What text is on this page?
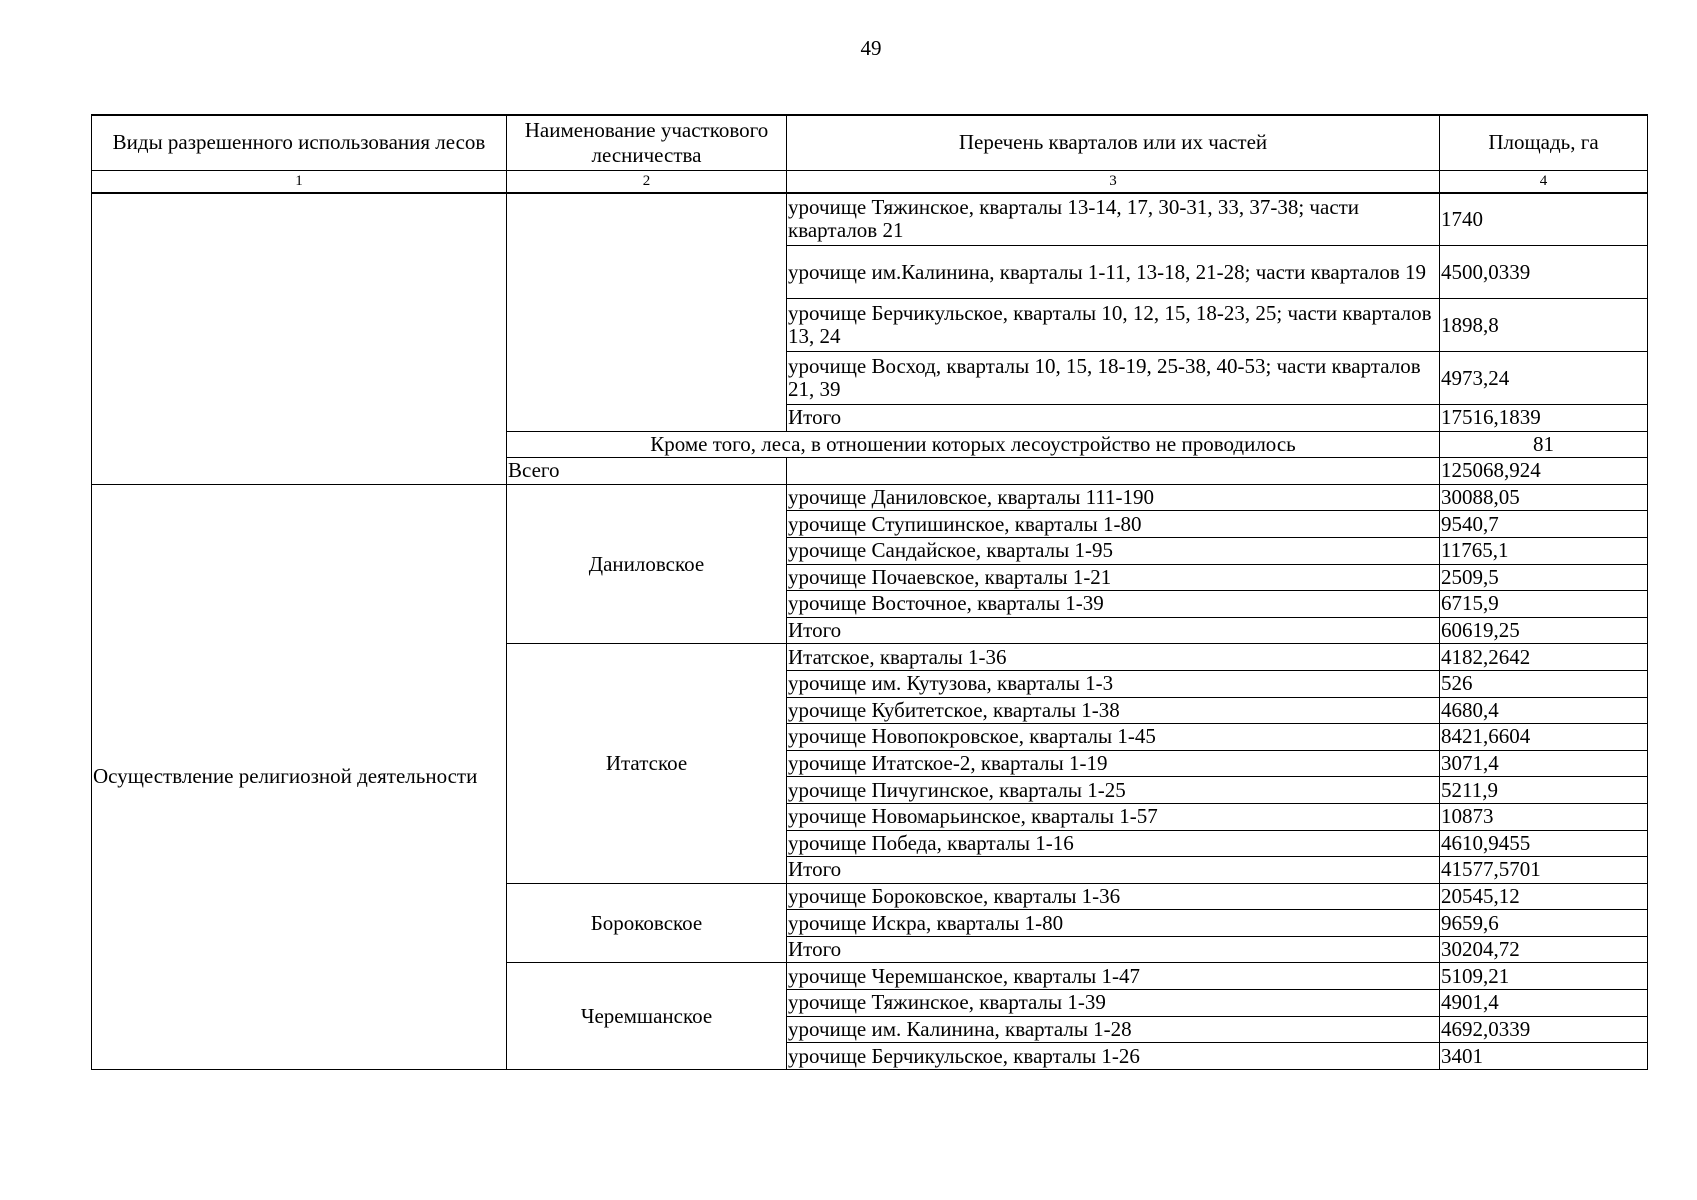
49
Виды разрешенного использования лесов	Наименование участкового лесничества	Перечень кварталов или их частей	Площадь, га
1	2	3	4
		урочище Тяжинское, кварталы 13-14, 17, 30-31, 33, 37-38; части кварталов 21	1740
		урочище им.Калинина, кварталы 1-11, 13-18, 21-28; части кварталов 19	4500,0339
		урочище Берчикульское, кварталы 10, 12, 15, 18-23, 25; части кварталов 13, 24	1898,8
		урочище Восход, кварталы 10, 15, 18-19, 25-38, 40-53; части кварталов 21, 39	4973,24
		Итого	17516,1839
	Кроме того, леса, в отношении которых лесоустройство не проводилось		81
	Всего		125068,924
Осуществление религиозной деятельности	Даниловское	урочище Даниловское, кварталы 111-190	30088,05
		урочище Ступишинское, кварталы 1-80	9540,7
		урочище Сандайское, кварталы 1-95	11765,1
		урочище Почаевское, кварталы 1-21	2509,5
		урочище Восточное, кварталы 1-39	6715,9
		Итого	60619,25
	Итатское	Итатское, кварталы 1-36	4182,2642
		урочище им. Кутузова, кварталы 1-3	526
		урочище Кубитетское, кварталы 1-38	4680,4
		урочище Новопокровское, кварталы 1-45	8421,6604
		урочище Итатское-2, кварталы 1-19	3071,4
		урочище Пичугинское, кварталы 1-25	5211,9
		урочище Новомарьинское, кварталы 1-57	10873
		урочище Победа, кварталы 1-16	4610,9455
		Итого	41577,5701
	Бороковское	урочище Бороковское, кварталы 1-36	20545,12
		урочище Искра, кварталы 1-80	9659,6
		Итого	30204,72
	Черемшанское	урочище Черемшанское, кварталы 1-47	5109,21
		урочище Тяжинское, кварталы 1-39	4901,4
		урочище им. Калинина, кварталы 1-28	4692,0339
		урочище Берчикульское, кварталы 1-26	3401
